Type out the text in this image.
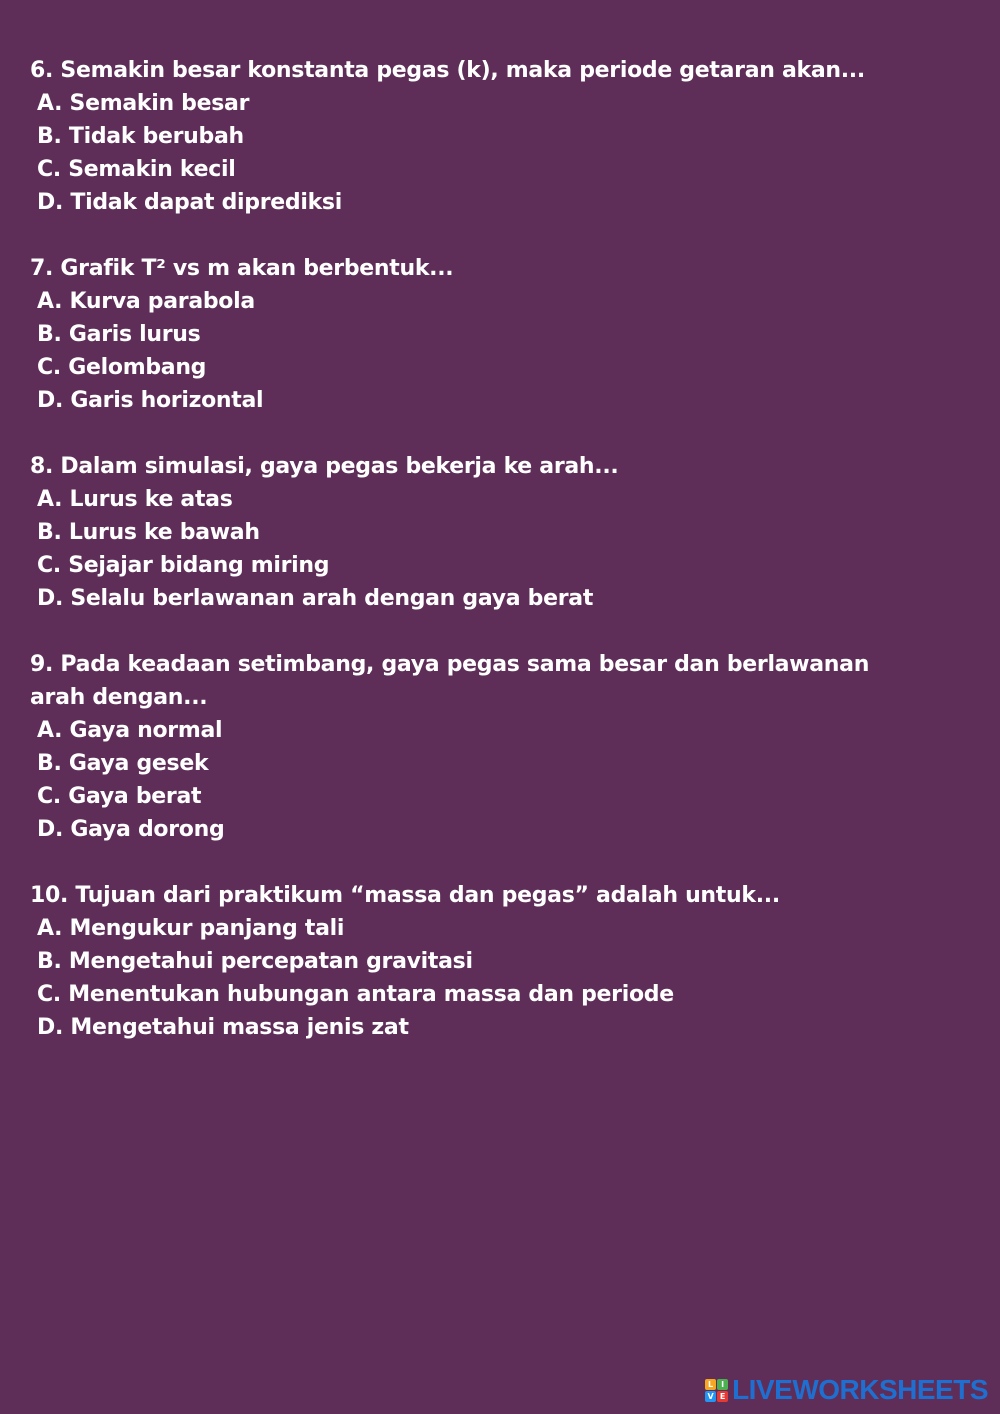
6. Semakin besar konstanta pegas (k), maka periode getaran akan...
A. Semakin besar
B. Tidak berubah
C. Semakin kecil
D. Tidak dapat diprediksi
7. Grafik T² vs m akan berbentuk...
A. Kurva parabola
B. Garis lurus
C. Gelombang
D. Garis horizontal
8. Dalam simulasi, gaya pegas bekerja ke arah...
A. Lurus ke atas
B. Lurus ke bawah
C. Sejajar bidang miring
D. Selalu berlawanan arah dengan gaya berat
9. Pada keadaan setimbang, gaya pegas sama besar dan berlawanan arah dengan...
A. Gaya normal
B. Gaya gesek
C. Gaya berat
D. Gaya dorong
10. Tujuan dari praktikum “massa dan pegas” adalah untuk...
A. Mengukur panjang tali
B. Mengetahui percepatan gravitasi
C. Menentukan hubungan antara massa dan periode
D. Mengetahui massa jenis zat
L I
V E LIVEWORKSHEETS
